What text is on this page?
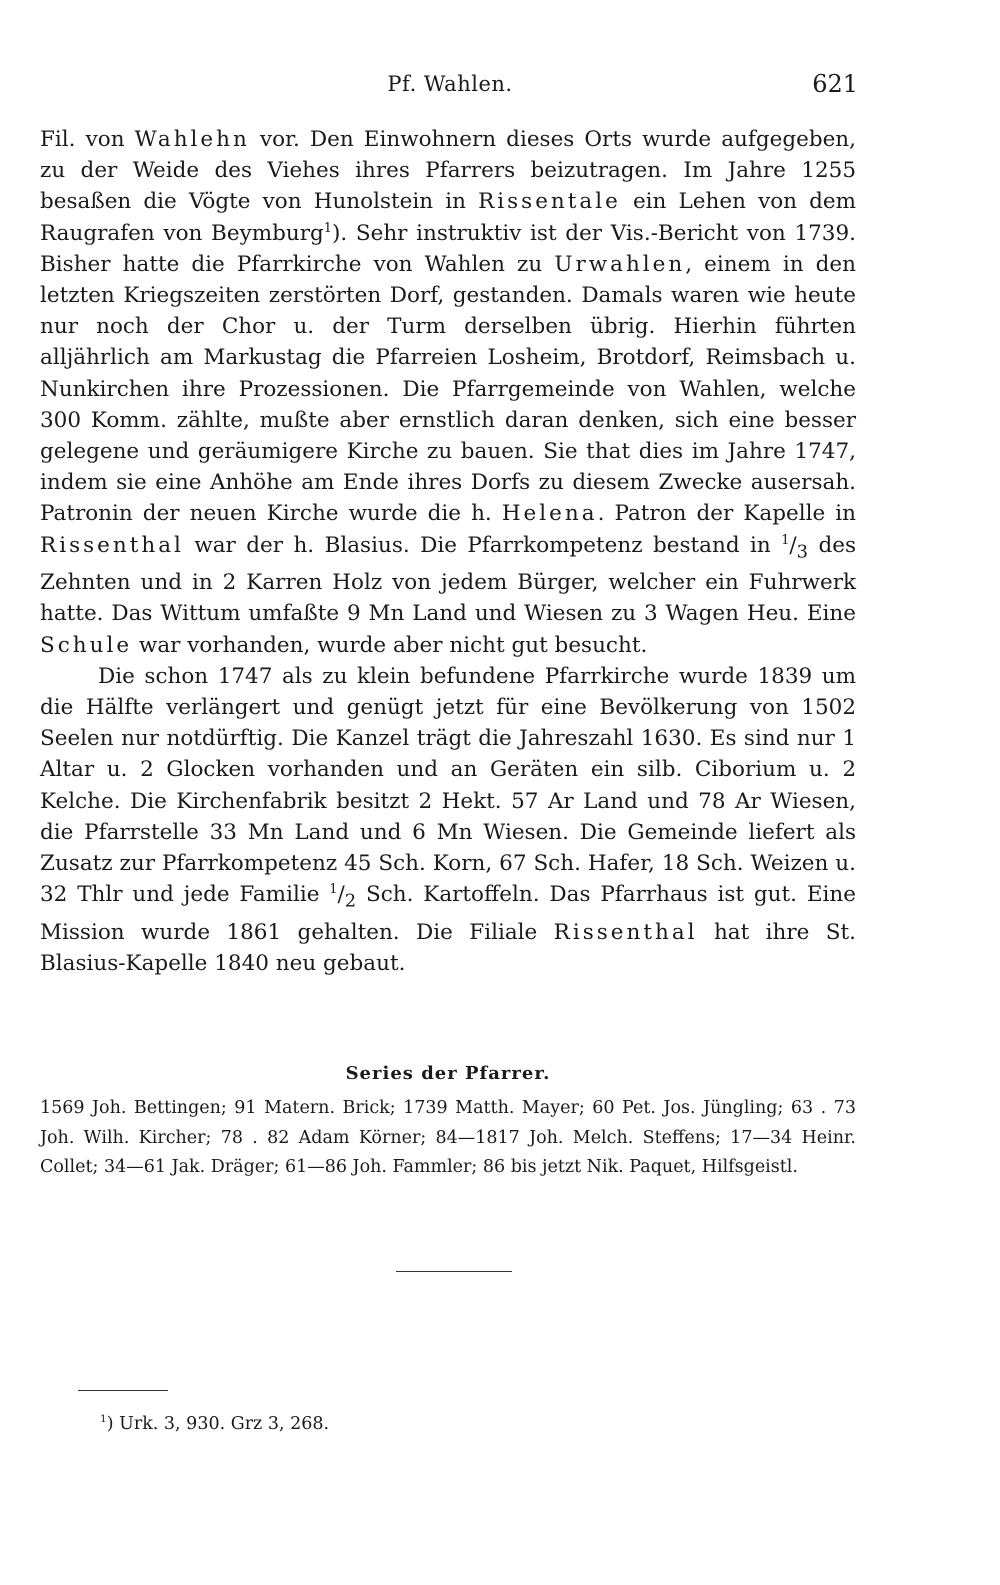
Pf. Wahlen.	621

Fil. von Wahlehn vor. Den Einwohnern dieses Orts wurde aufgegeben, zu der Weide des Viehes ihres Pfarrers beizutragen. Im Jahre 1255 besaßen die Vögte von Hunolstein in Rissentale ein Lehen von dem Raugrafen von Beymburg$^1$). Sehr instruktiv ist der Vis.-Bericht von 1739. Bisher hatte die Pfarrkirche von Wahlen zu Urwahlen, einem in den letzten Kriegszeiten zerstörten Dorf, gestanden. Damals waren wie heute nur noch der Chor u. der Turm derselben übrig. Hierhin führten alljährlich am Markustag die Pfarreien Losheim, Brotdorf, Reimsbach u. Nunkirchen ihre Prozessionen. Die Pfarrgemeinde von Wahlen, welche 300 Komm. zählte, mußte aber ernstlich daran denken, sich eine besser gelegene und geräumigere Kirche zu bauen. Sie that dies im Jahre 1747, indem sie eine Anhöhe am Ende ihres Dorfs zu diesem Zwecke ausersah. Patronin der neuen Kirche wurde die h. Helena. Patron der Kapelle in Rissenthal war der h. Blasius. Die Pfarrkompetenz bestand in $^1/_3$ des Zehnten und in 2 Karren Holz von jedem Bürger, welcher ein Fuhrwerk hatte. Das Wittum umfaßte 9 Mn Land und Wiesen zu 3 Wagen Heu. Eine Schule war vorhanden, wurde aber nicht gut besucht.

Die schon 1747 als zu klein befundene Pfarrkirche wurde 1839 um die Hälfte verlängert und genügt jetzt für eine Bevölkerung von 1502 Seelen nur notdürftig. Die Kanzel trägt die Jahreszahl 1630. Es sind nur 1 Altar u. 2 Glocken vorhanden und an Geräten ein silb. Ciborium u. 2 Kelche. Die Kirchenfabrik besitzt 2 Hekt. 57 Ar Land und 78 Ar Wiesen, die Pfarrstelle 33 Mn Land und 6 Mn Wiesen. Die Gemeinde liefert als Zusatz zur Pfarrkompetenz 45 Sch. Korn, 67 Sch. Hafer, 18 Sch. Weizen u. 32 Thlr und jede Familie $^1/_2$ Sch. Kartoffeln. Das Pfarrhaus ist gut. Eine Mission wurde 1861 gehalten. Die Filiale Rissenthal hat ihre St. Blasius-Kapelle 1840 neu gebaut.

Series der Pfarrer.
1569 Joh. Bettingen; 91 Matern. Brick; 1739 Matth. Mayer; 60 Pet. Jos. Jüngling; 63 . 73 Joh. Wilh. Kircher; 78 . 82 Adam Körner; 84—1817 Joh. Melch. Steffens; 17—34 Heinr. Collet; 34—61 Jak. Dräger; 61—86 Joh. Fammler; 86 bis jetzt Nik. Paquet, Hilfsgeistl.
$^1$) Urk. 3, 930. Grz 3, 268.
